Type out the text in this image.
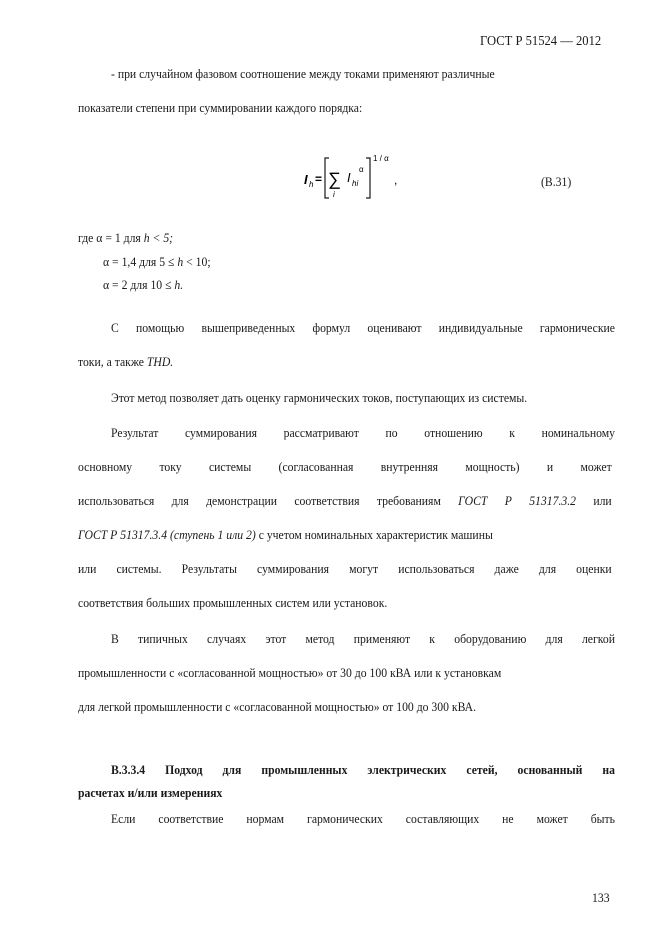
ГОСТ Р 51524 — 2012
- при случайном фазовом соотношение между токами применяют различные
показатели степени при суммировании каждого порядка:
I h = ∑
i
I hi
α
1 / α
,	(В.31)
где α = 1 для h < 5;
α = 1,4 для 5 ≤ h < 10;
α = 2 для 10 ≤ h.
С помощью вышеприведенных формул оценивают индивидуальные гармонические
токи, а также THD.
Этот метод позволяет дать оценку гармонических токов, поступающих из системы.
Результат суммирования рассматривают по отношению к номинальному
основному току системы (согласованная внутренняя мощность) и может
использоваться для демонстрации соответствия требованиям ГОСТ Р 51317.3.2 или
ГОСТ Р 51317.3.4 (ступень 1 или 2) с учетом номинальных характеристик машины
или системы. Результаты суммирования могут использоваться даже для оценки
соответствия больших промышленных систем или установок.
В типичных случаях этот метод применяют к оборудованию для легкой
промышленности с «согласованной мощностью» от 30 до 100 кВА или к установкам
для легкой промышленности с «согласованной мощностью» от 100 до 300 кВА.
В.3.3.4 Подход для промышленных электрических сетей, основанный на
расчетах и/или измерениях
Если соответствие нормам гармонических составляющих не может быть
133
